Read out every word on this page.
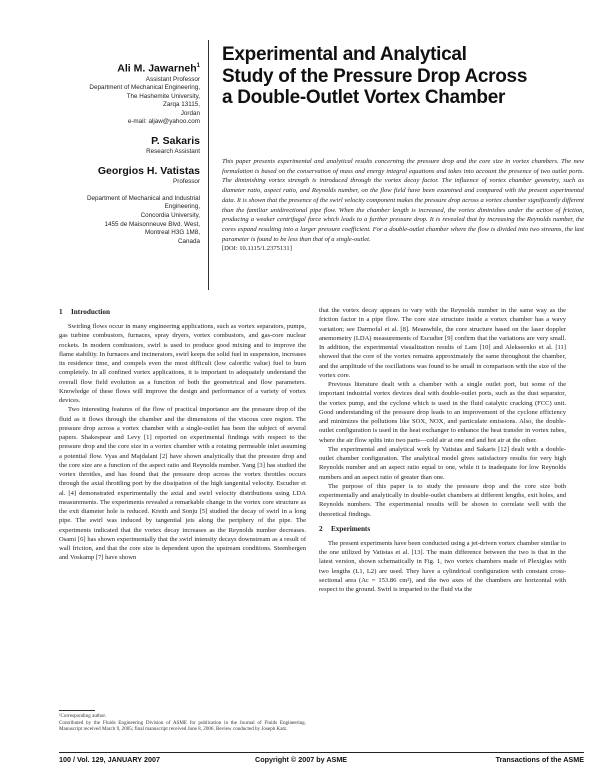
Ali M. Jawarneh$^1$
Assistant Professor
Department of Mechanical Engineering,
The Hashemite University,
Zarqa 13115,
Jordan
e-mail: aljaw@yahoo.com
P. Sakaris
Research Assistant
Georgios H. Vatistas
Professor

Department of Mechanical and Industrial
Engineering,
Concordia University,
1455 de Maisonneuve Blvd. West,
Montreal H3G 1M8,
Canada
Experimental and Analytical
Study of the Pressure Drop Across
a Double-Outlet Vortex Chamber
This paper presents experimental and analytical results concerning the pressure drop and the core size in vortex chambers. The new formulation is based on the conservation of mass and energy integral equations and takes into account the presence of two outlet ports. The diminishing vortex strength is introduced through the vortex decay factor. The influence of vortex chamber geometry, such as diameter ratio, aspect ratio, and Reynolds number, on the flow field have been examined and compared with the present experimental data. It is shown that the presence of the swirl velocity component makes the pressure drop across a vortex chamber significantly different than the familiar unidirectional pipe flow. When the chamber length is increased, the vortex diminishes under the action of friction, producing a weaker centrifugal force which leads to a further pressure drop. It is revealed that by increasing the Reynolds number, the cores expand resulting into a larger pressure coefficient. For a double-outlet chamber where the flow is divided into two streams, the last parameter is found to be less than that of a single-outlet.
[DOI: 10.1115/1.2375131]
1 Introduction

Swirling flows occur in many engineering applications, such as vortex separators, pumps, gas turbine combustors, furnaces, spray dryers, vortex combustors, and gas-core nuclear rockets. In modern combustors, swirl is used to produce good mixing and to improve the flame stability. In furnaces and incinerators, swirl keeps the solid fuel in suspension, increases its residence time, and compels even the most difficult (low calorific value) fuel to burn completely. In all confined vortex applications, it is important to adequately understand the overall flow field evolution as a function of both the geometrical and flow parameters. Knowledge of these flows will improve the design and performance of a variety of vortex devices.

Two interesting features of the flow of practical importance are the pressure drop of the fluid as it flows through the chamber and the dimensions of the viscous core region. The pressure drop across a vortex chamber with a single-outlet has been the subject of several papers. Shakespear and Levy [1] reported on experimental findings with respect to the pressure drop and the core size in a vortex chamber with a rotating permeable inlet assuming a potential flow. Vyas and Majdalani [2] have shown analytically that the pressure drop and the core size are a function of the aspect ratio and Reynolds number. Yang [3] has studied the vortex throttles, and has found that the pressure drop across the vortex throttles occurs through the axial throttling port by the dissipation of the high tangential velocity. Escudier et al. [4] demonstrated experimentally the axial and swirl velocity distributions using LDA measurements. The experiments revealed a remarkable change in the vortex core structure as the exit diameter hole is reduced. Kreith and Sonju [5] studied the decay of swirl in a long pipe. The swirl was induced by tangential jets along the periphery of the pipe. The experiments indicated that the vortex decay increases as the Reynolds number decreases. Osami [6] has shown experimentally that the swirl intensity decays downstream as a result of wall friction, and that the core size is dependent upon the upstream conditions. Steenbergen and Voskamp [7] have shown

that the vortex decay appears to vary with the Reynolds number in the same way as the friction factor in a pipe flow. The core size structure inside a vortex chamber has a wavy variation; see Darmofal et al. [8]. Meanwhile, the core structure based on the laser doppler anemometry (LDA) measurements of Escudier [9] confirm that the variations are very small. In addition, the experimental visualization results of Lam [10] and Alekseenko et al. [11] showed that the core of the vortex remains approximately the same throughout the chamber, and the amplitude of the oscillations was found to be small in comparison with the size of the vortex core.

Previous literature dealt with a chamber with a single outlet port, but some of the important industrial vortex devices deal with double-outlet ports, such as the dust separator, the vortex pump, and the cyclone which is used in the fluid catalytic cracking (FCC) unit. Good understanding of the pressure drop leads to an improvement of the cyclone efficiency and minimizes the pollutions like SOX, NOX, and particulate emissions. Also, the double-outlet configuration is used in the heat exchanger to enhance the heat transfer in vortex tubes, where the air flow splits into two parts—cold air at one end and hot air at the other.

The experimental and analytical work by Vatistas and Sakaris [12] dealt with a double-outlet chamber configuration. The analytical model gives satisfactory results for very high Reynolds number and an aspect ratio equal to one, while it is inadequate for low Reynolds numbers and an aspect ratio of greater than one.

The purpose of this paper is to study the pressure drop and the core size both experimentally and analytically in double-outlet chambers at different lengths, exit holes, and Reynolds numbers. The experimental results will be shown to correlate well with the theoretical findings.

2 Experiments

The present experiments have been conducted using a jet-driven vortex chamber similar to the one utilized by Vatistas et al. [13]. The main difference between the two is that in the latest version, shown schematically in Fig. 1, two vortex chambers made of Plexiglas with two lengths (L1, L2) are used. They have a cylindrical configuration with constant cross-sectional area (Ac = 153.86 cm²), and the two axes of the chambers are horizontal with respect to the ground. Swirl is imparted to the fluid via the

¹Corresponding author.
Contributed by the Fluids Engineering Division of ASME for publication in the Journal of Fluids Engineering. Manuscript received March 9, 2005; final manuscript received June 8, 2006. Review conducted by Joseph Katz.
100 / Vol. 129, JANUARY 2007	Copyright © 2007 by ASME	Transactions of the ASME
